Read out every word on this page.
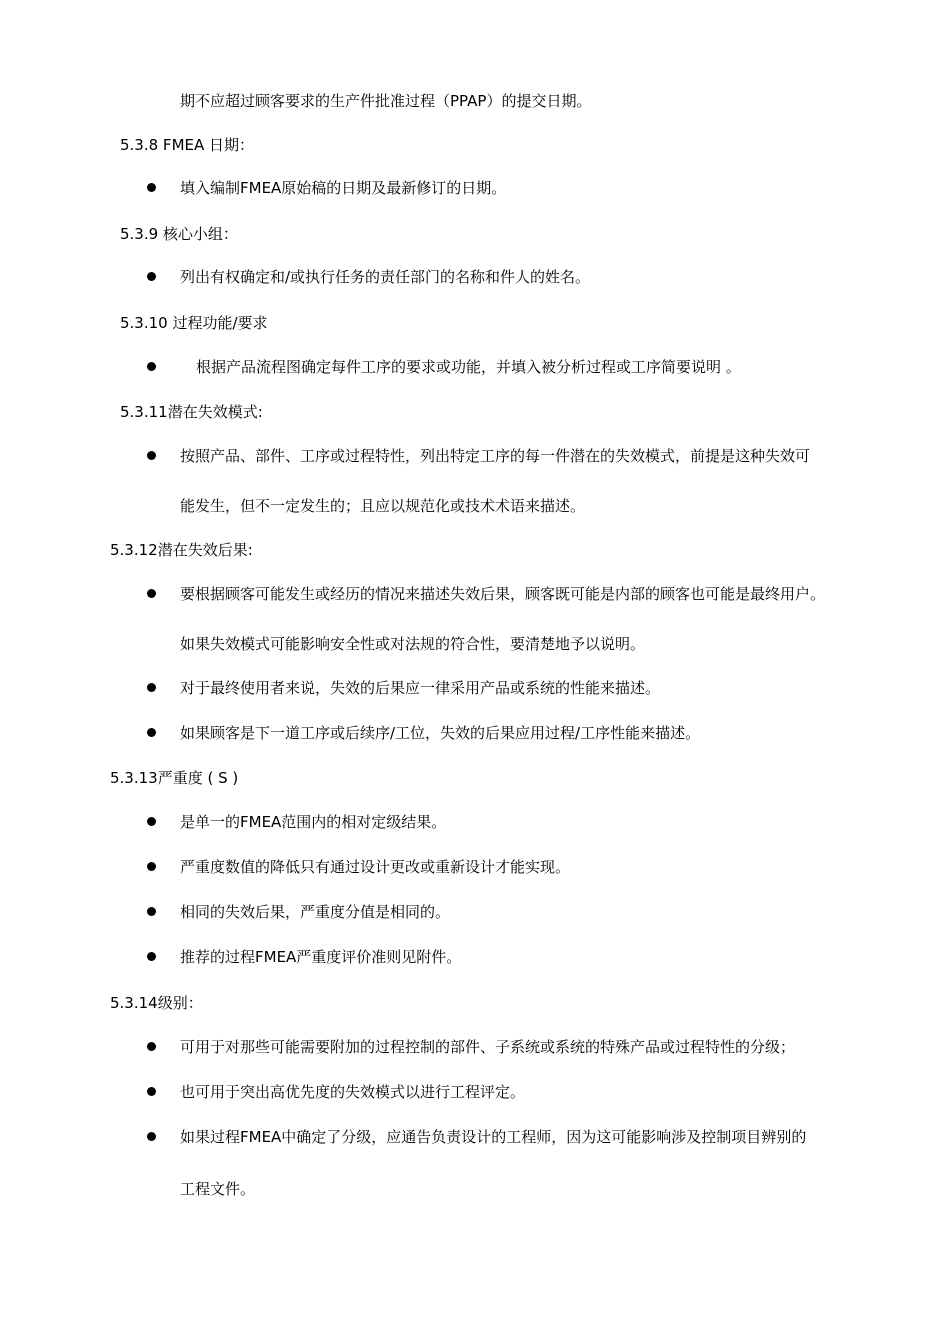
期不应超过顾客要求的生产件批准过程（PPAP）的提交日期。
5.3.8 FMEA 日期：
填入编制FMEA原始稿的日期及最新修订的日期。
5.3.9 核心小组：
列出有权确定和/或执行任务的责任部门的名称和件人的姓名。
5.3.10 过程功能/要求
根据产品流程图确定每件工序的要求或功能，并填入被分析过程或工序简要说明 。
5.3.11潜在失效模式:
按照产品、部件、工序或过程特性，列出特定工序的每一件潜在的失效模式，前提是这种失效可
能发生，但不一定发生的；且应以规范化或技术术语来描述。
5.3.12潜在失效后果:
要根据顾客可能发生或经历的情况来描述失效后果，顾客既可能是内部的顾客也可能是最终用户。
如果失效模式可能影响安全性或对法规的符合性，要清楚地予以说明。
对于最终使用者来说，失效的后果应一律采用产品或系统的性能来描述。
如果顾客是下一道工序或后续序/工位，失效的后果应用过程/工序性能来描述。
5.3.13严重度 ( S )
是单一的FMEA范围内的相对定级结果。
严重度数值的降低只有通过设计更改或重新设计才能实现。
相同的失效后果，严重度分值是相同的。
推荐的过程FMEA严重度评价准则见附件。
5.3.14级别：
可用于对那些可能需要附加的过程控制的部件、子系统或系统的特殊产品或过程特性的分级；
也可用于突出高优先度的失效模式以进行工程评定。
如果过程FMEA中确定了分级，应通告负责设计的工程师，因为这可能影响涉及控制项目辨别的
工程文件。
